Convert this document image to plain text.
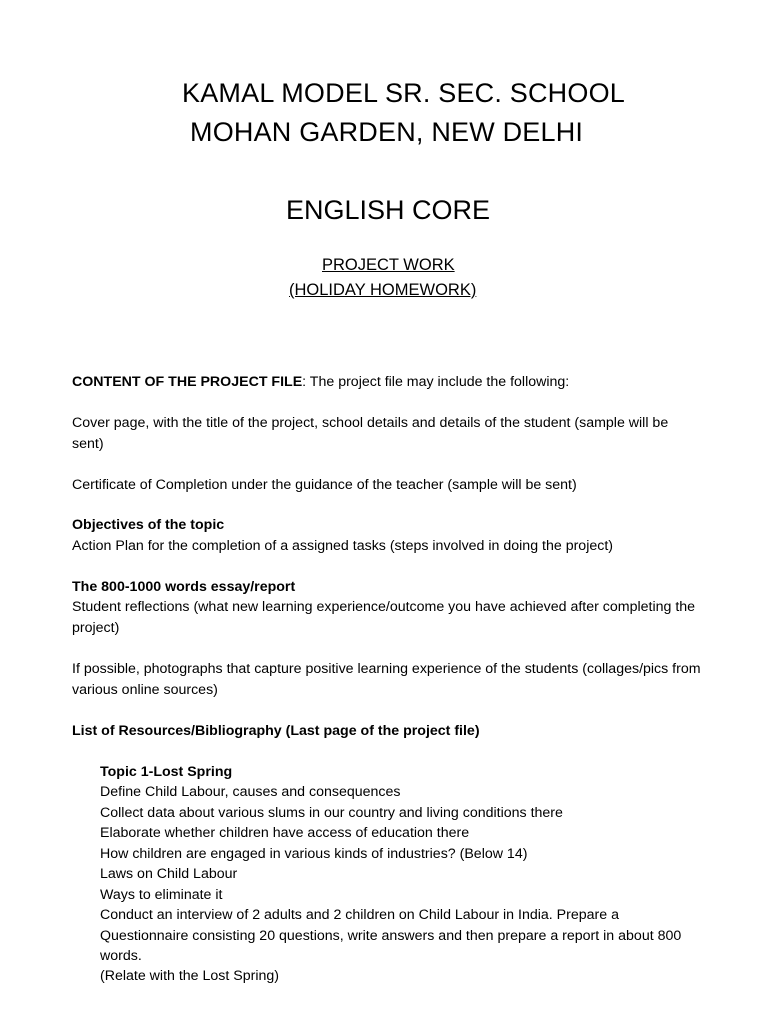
KAMAL MODEL SR. SEC. SCHOOL
MOHAN GARDEN, NEW DELHI
ENGLISH CORE
PROJECT WORK
(HOLIDAY HOMEWORK)
CONTENT OF THE PROJECT FILE: The project file may include the following:
Cover page, with the title of the project, school details and details of the student (sample will be sent)
Certificate of Completion under the guidance of the teacher (sample will be sent)
Objectives of the topic
Action Plan for the completion of a assigned tasks (steps involved in doing the project)
The 800-1000 words essay/report
Student reflections (what new learning experience/outcome you have achieved after completing the project)
If possible, photographs that capture positive learning experience of the students (collages/pics from various online sources)
List of Resources/Bibliography (Last page of the project file)
Topic 1-Lost Spring
Define Child Labour, causes and consequences
Collect data about various slums in our country and living conditions there
Elaborate whether children have access of education there
How children are engaged in various kinds of industries? (Below 14)
Laws on Child Labour
Ways to eliminate it
Conduct an interview of 2 adults and 2 children on Child Labour in India. Prepare a Questionnaire consisting 20 questions, write answers and then prepare a report in about 800 words.
(Relate with the Lost Spring)
